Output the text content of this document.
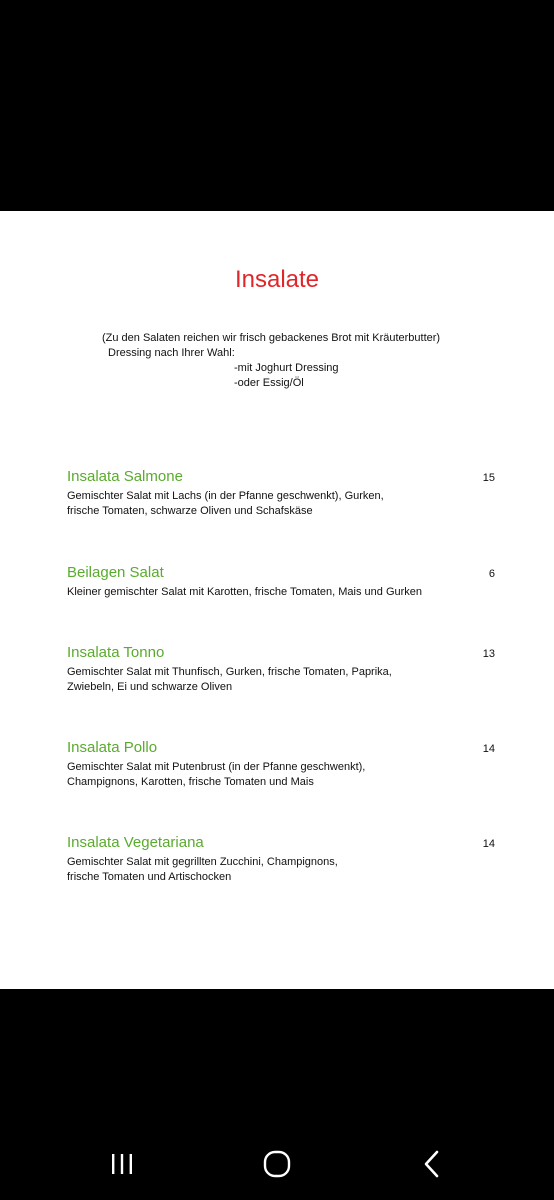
Insalate
(Zu den Salaten reichen wir frisch gebackenes Brot mit Kräuterbutter)
Dressing nach Ihrer Wahl:
-mit Joghurt Dressing
-oder Essig/Öl
Insalata Salmone	15
Gemischter Salat mit Lachs (in der Pfanne geschwenkt), Gurken,
frische Tomaten, schwarze Oliven und Schafskäse
Beilagen Salat	6
Kleiner gemischter Salat mit Karotten, frische Tomaten, Mais und Gurken
Insalata Tonno	13
Gemischter Salat mit Thunfisch, Gurken, frische Tomaten, Paprika,
Zwiebeln, Ei und schwarze Oliven
Insalata Pollo	14
Gemischter Salat mit Putenbrust (in der Pfanne geschwenkt),
Champignons, Karotten, frische Tomaten und Mais
Insalata Vegetariana	14
Gemischter Salat mit gegrillten Zucchini, Champignons,
frische Tomaten und Artischocken
